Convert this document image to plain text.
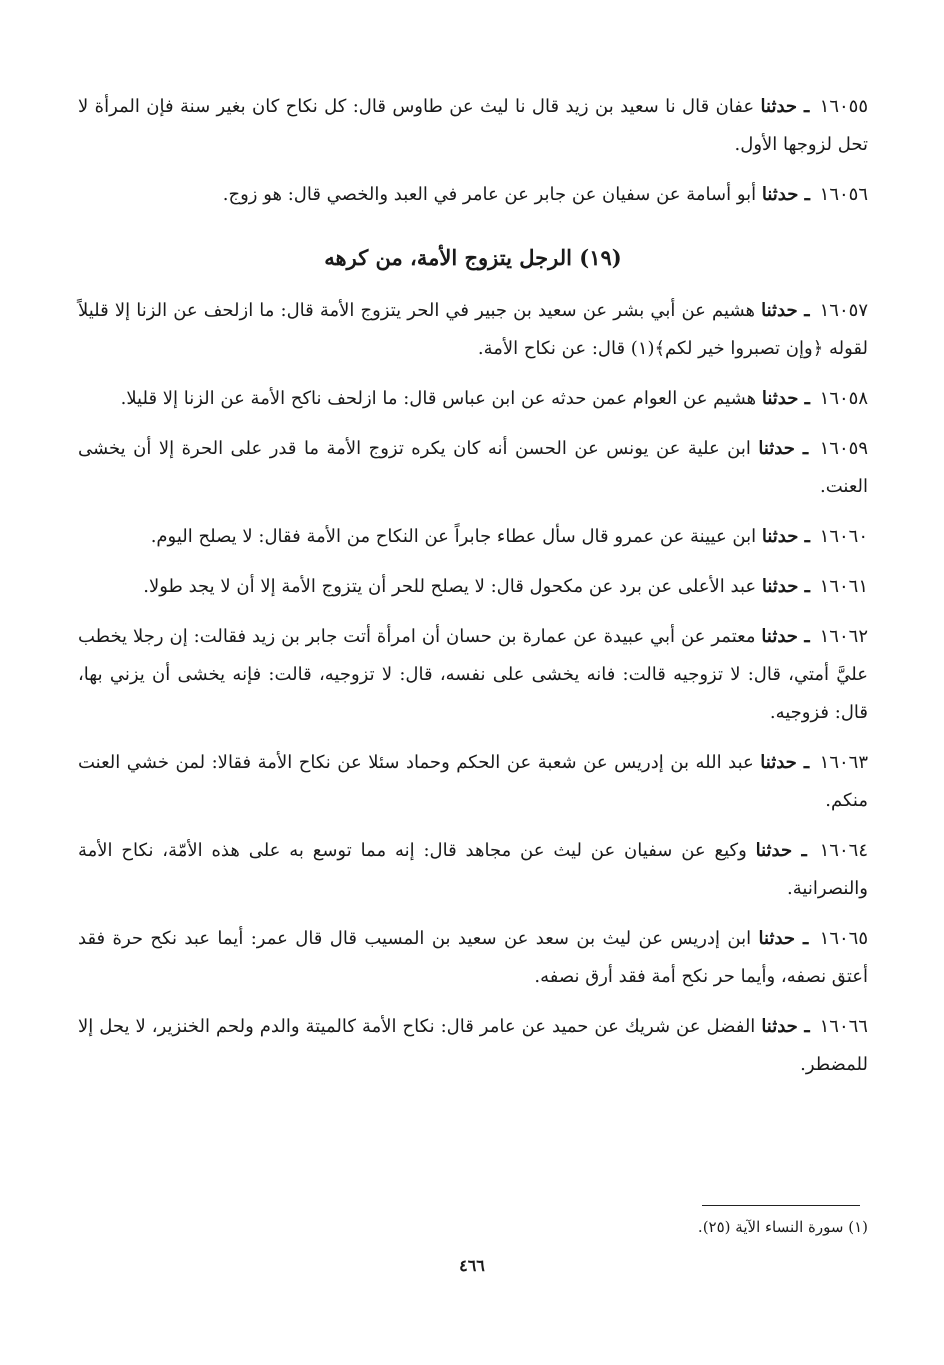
١٦٠٥٥ ـ حدثنا عفان قال نا سعيد بن زيد قال نا ليث عن طاوس قال: كل نكاح كان بغير سنة فإن المرأة لا تحل لزوجها الأول.
١٦٠٥٦ ـ حدثنا أبو أسامة عن سفيان عن جابر عن عامر في العبد والخصي قال: هو زوج.
(١٩) الرجل يتزوج الأمة، من كرهه
١٦٠٥٧ ـ حدثنا هشيم عن أبي بشر عن سعيد بن جبير في الحر يتزوج الأمة قال: ما ازلحف عن الزنا إلا قليلاً لقوله ﴿وإن تصبروا خير لكم﴾(١) قال: عن نكاح الأمة.
١٦٠٥٨ ـ حدثنا هشيم عن العوام عمن حدثه عن ابن عباس قال: ما ازلحف ناكح الأمة عن الزنا إلا قليلا.
١٦٠٥٩ ـ حدثنا ابن علية عن يونس عن الحسن أنه كان يكره تزوج الأمة ما قدر على الحرة إلا أن يخشى العنت.
١٦٠٦٠ ـ حدثنا ابن عيينة عن عمرو قال سأل عطاء جابراً عن النكاح من الأمة فقال: لا يصلح اليوم.
١٦٠٦١ ـ حدثنا عبد الأعلى عن برد عن مكحول قال: لا يصلح للحر أن يتزوج الأمة إلا أن لا يجد طولا.
١٦٠٦٢ ـ حدثنا معتمر عن أبي عبيدة عن عمارة بن حسان أن امرأة أتت جابر بن زيد فقالت: إن رجلا يخطب عليَّ أمتي، قال: لا تزوجيه قالت: فانه يخشى على نفسه، قال: لا تزوجيه، قالت: فإنه يخشى أن يزني بها، قال: فزوجيه.
١٦٠٦٣ ـ حدثنا عبد الله بن إدريس عن شعبة عن الحكم وحماد سئلا عن نكاح الأمة فقالا: لمن خشي العنت منكم.
١٦٠٦٤ ـ حدثنا وكيع عن سفيان عن ليث عن مجاهد قال: إنه مما توسع به على هذه الأمّة، نكاح الأمة والنصرانية.
١٦٠٦٥ ـ حدثنا ابن إدريس عن ليث بن سعد عن سعيد بن المسيب قال قال عمر: أيما عبد نكح حرة فقد أعتق نصفه، وأيما حر نكح أمة فقد أرق نصفه.
١٦٠٦٦ ـ حدثنا الفضل عن شريك عن حميد عن عامر قال: نكاح الأمة كالميتة والدم ولحم الخنزير، لا يحل إلا للمضطر.
(١) سورة النساء الآية (٢٥).
٤٦٦
